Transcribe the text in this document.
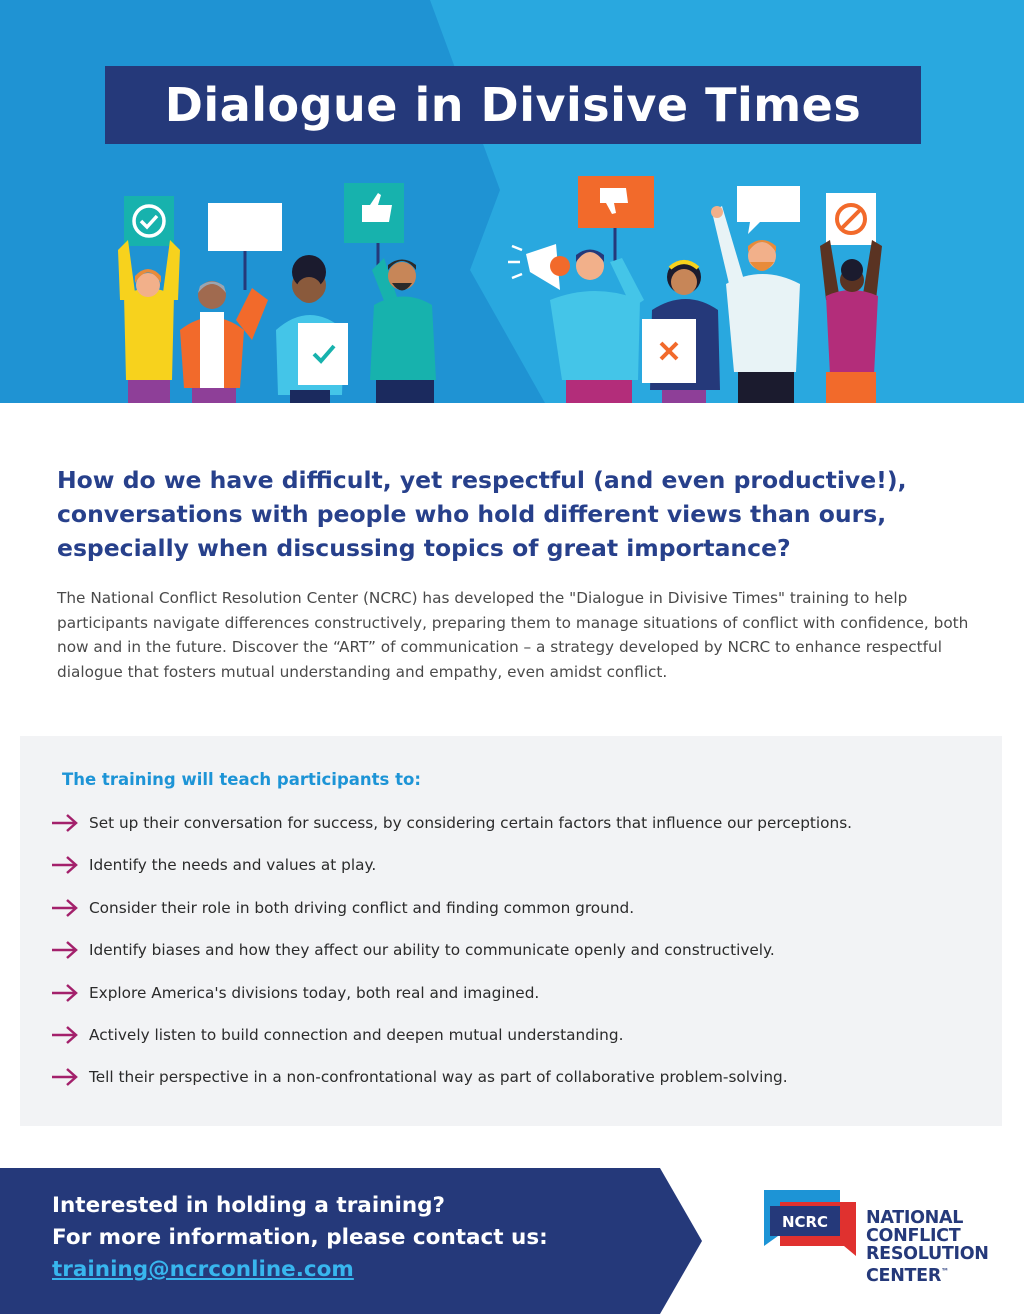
Dialogue in Divisive Times

How do we have difficult, yet respectful (and even productive!), conversations with people who hold different views than ours, especially when discussing topics of great importance?

The National Conflict Resolution Center (NCRC) has developed the "Dialogue in Divisive Times" training to help participants navigate differences constructively, preparing them to manage situations of conflict with confidence, both now and in the future. Discover the “ART” of communication – a strategy developed by NCRC to enhance respectful dialogue that fosters mutual understanding and empathy, even amidst conflict.

The training will teach participants to:
Set up their conversation for success, by considering certain factors that influence our perceptions.
Identify the needs and values at play.
Consider their role in both driving conflict and finding common ground.
Identify biases and how they affect our ability to communicate openly and constructively.
Explore America's divisions today, both real and imagined.
Actively listen to build connection and deepen mutual understanding.
Tell their perspective in a non-confrontational way as part of collaborative problem-solving.

Interested in holding a training?

For more information, please contact us:

training@ncrconline.com
NCRC NATIONAL

CONFLICT

RESOLUTION

CENTER™
